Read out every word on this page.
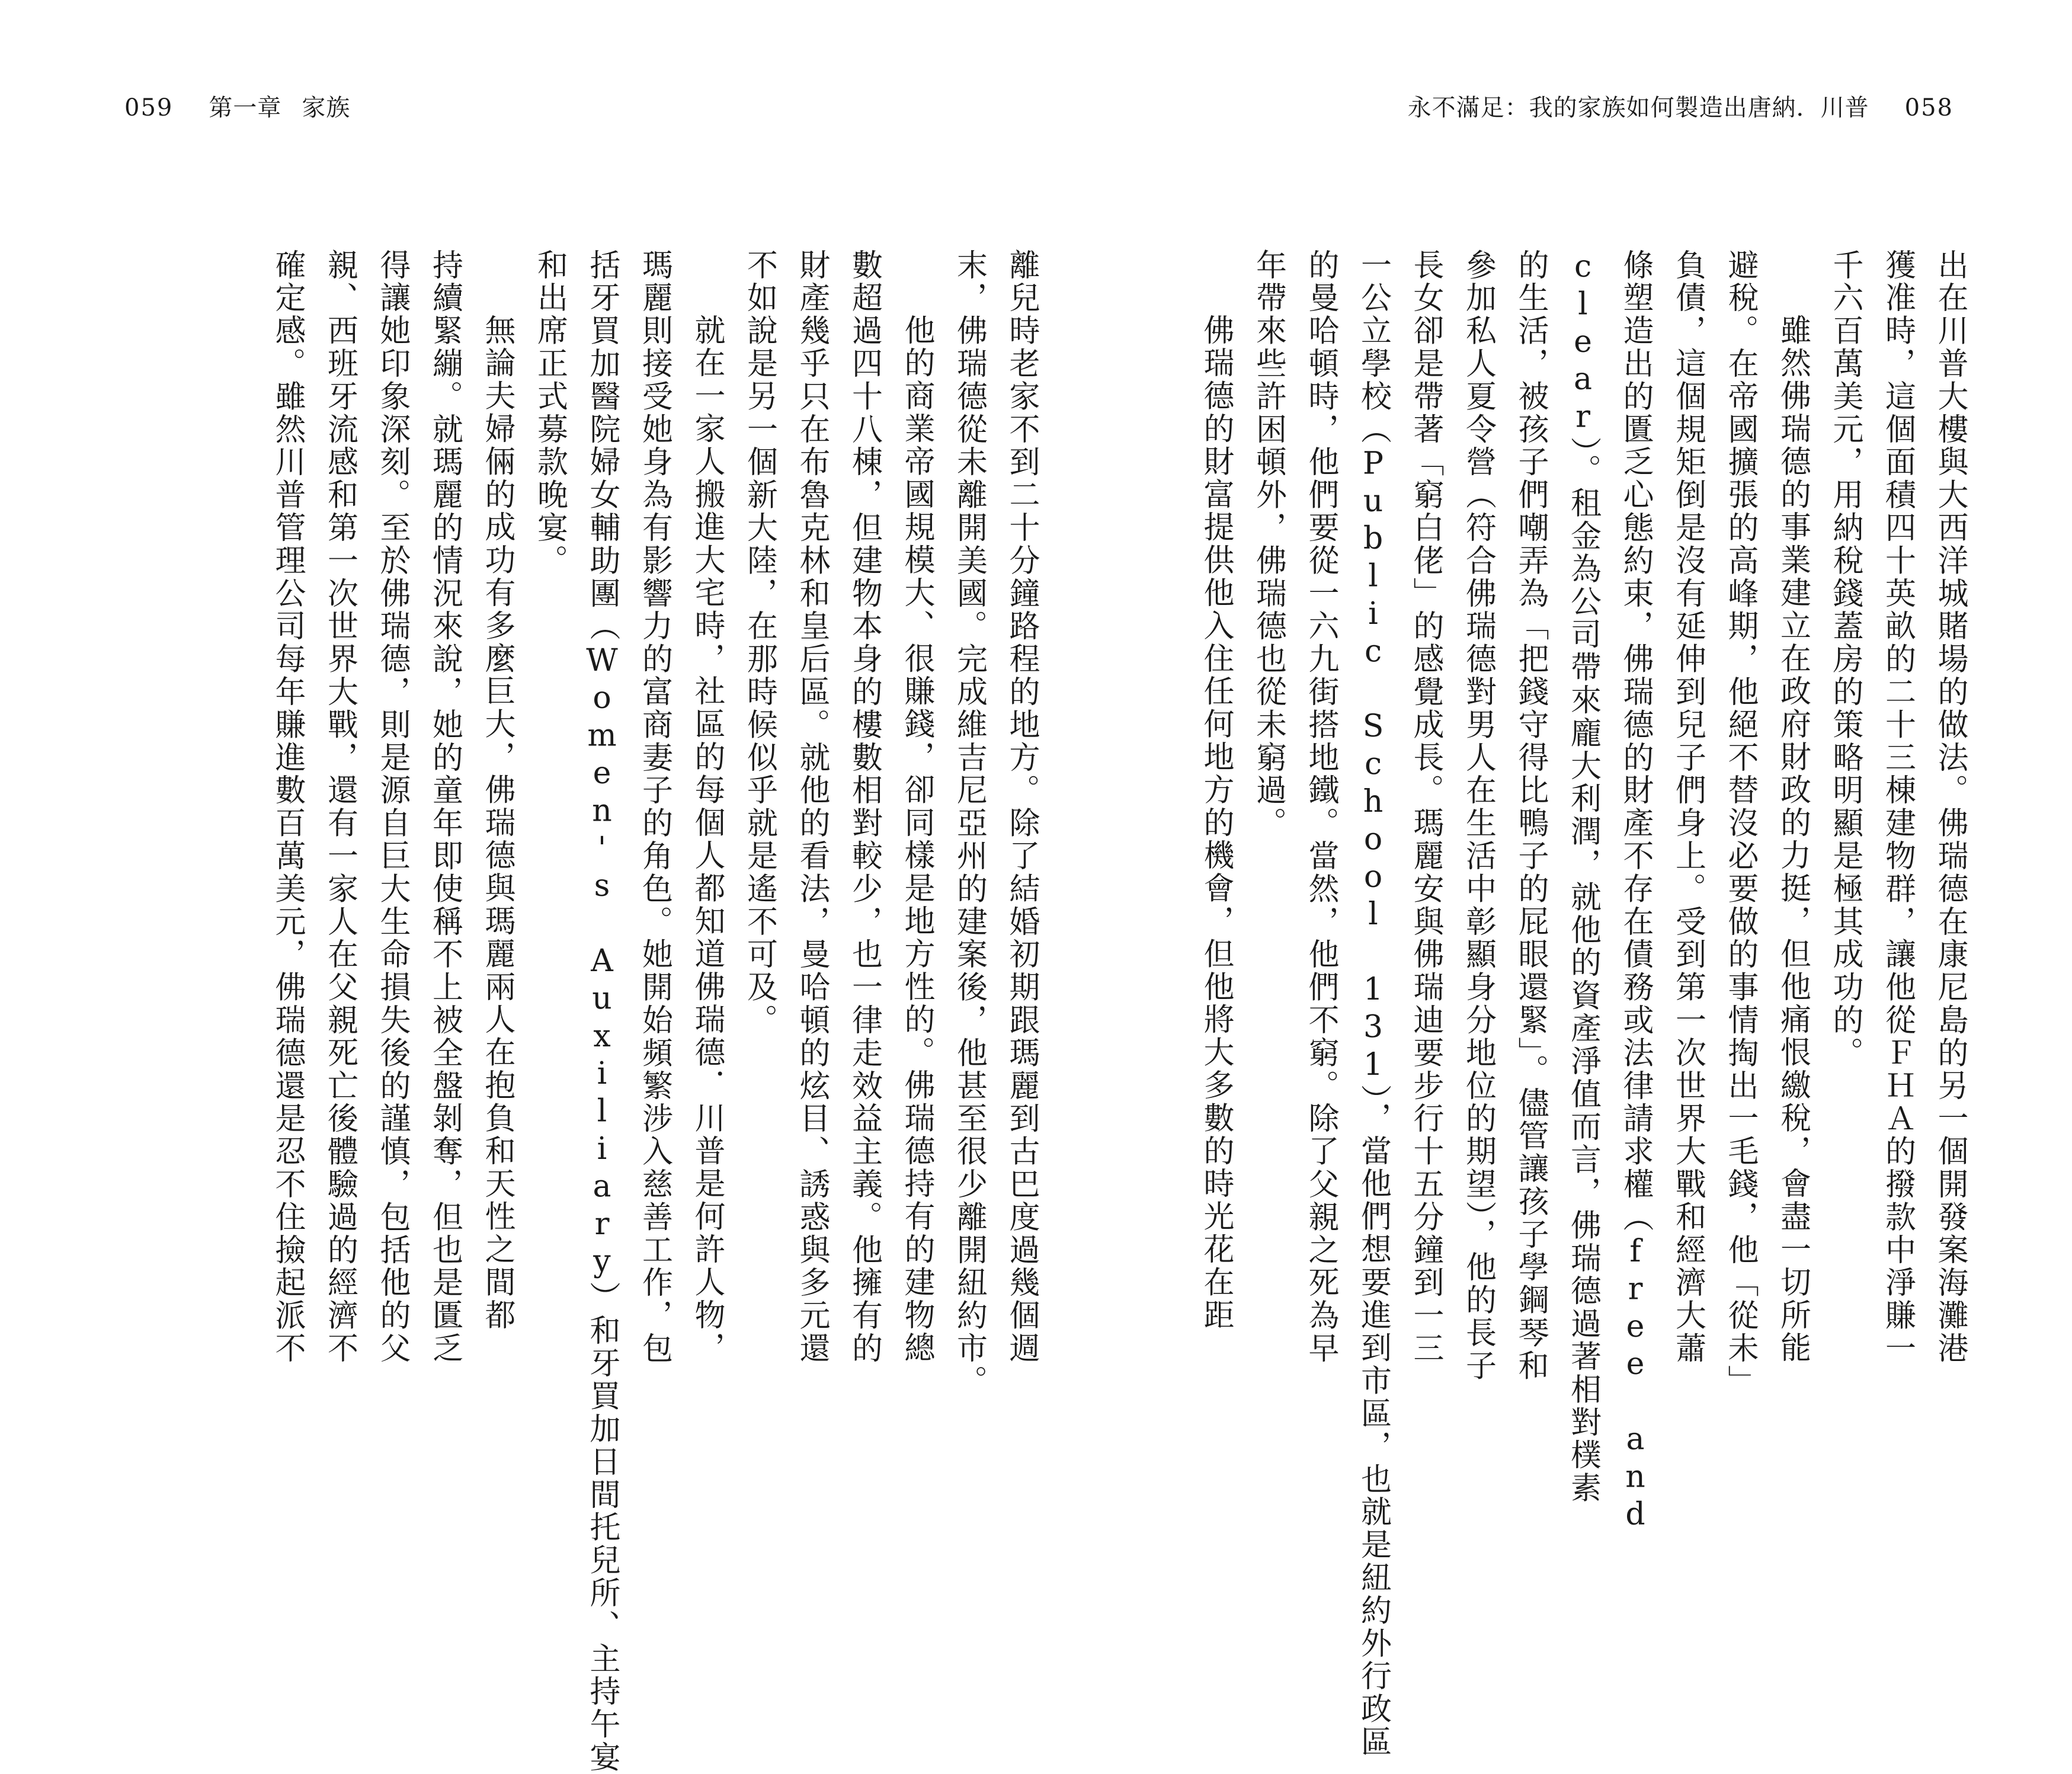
059 第一章 家族	永不滿足：我的家族如何製造出唐納．川普 058
出在川普大樓與大西洋城賭場的做法。佛瑞德在康尼島的另一個開發案海灘港
獲准時，這個面積四十英畝的二十三棟建物群，讓他從ＦＨＡ的撥款中淨賺一
千六百萬美元，用納稅錢蓋房的策略明顯是極其成功的。
雖然佛瑞德的事業建立在政府財政的力挺，但他痛恨繳稅，會盡一切所能
避稅。在帝國擴張的高峰期，他絕不替沒必要做的事情掏出一毛錢，他「從未」
負債，這個規矩倒是沒有延伸到兒子們身上。受到第一次世界大戰和經濟大蕭
條塑造出的匱乏心態約束，佛瑞德的財產不存在債務或法律請求權（free and
clear）。租金為公司帶來龐大利潤，就他的資產淨值而言，佛瑞德過著相對樸素
的生活，被孩子們嘲弄為「把錢守得比鴨子的屁眼還緊」。儘管讓孩子學鋼琴和
參加私人夏令營（符合佛瑞德對男人在生活中彰顯身分地位的期望），他的長子
長女卻是帶著「窮白佬」的感覺成長。瑪麗安與佛瑞迪要步行十五分鐘到一三
一公立學校（Public School 131），當他們想要進到市區，也就是紐約外行政區
的曼哈頓時，他們要從一六九街搭地鐵。當然，他們不窮。除了父親之死為早
年帶來些許困頓外，佛瑞德也從未窮過。
佛瑞德的財富提供他入住任何地方的機會，但他將大多數的時光花在距
離兒時老家不到二十分鐘路程的地方。除了結婚初期跟瑪麗到古巴度過幾個週
末，佛瑞德從未離開美國。完成維吉尼亞州的建案後，他甚至很少離開紐約市。
他的商業帝國規模大、很賺錢，卻同樣是地方性的。佛瑞德持有的建物總
數超過四十八棟，但建物本身的樓數相對較少，也一律走效益主義。他擁有的
財產幾乎只在布魯克林和皇后區。就他的看法，曼哈頓的炫目、誘惑與多元還
不如說是另一個新大陸，在那時候似乎就是遙不可及。
就在一家人搬進大宅時，社區的每個人都知道佛瑞德．川普是何許人物，
瑪麗則接受她身為有影響力的富商妻子的角色。她開始頻繁涉入慈善工作，包
括牙買加醫院婦女輔助團（Women's Auxiliary）和牙買加日間托兒所、主持午宴
和出席正式募款晚宴。
無論夫婦倆的成功有多麼巨大，佛瑞德與瑪麗兩人在抱負和天性之間都
持續緊繃。就瑪麗的情況來說，她的童年即使稱不上被全盤剝奪，但也是匱乏
得讓她印象深刻。至於佛瑞德，則是源自巨大生命損失後的謹慎，包括他的父
親、西班牙流感和第一次世界大戰，還有一家人在父親死亡後體驗過的經濟不
確定感。雖然川普管理公司每年賺進數百萬美元，佛瑞德還是忍不住撿起派不
